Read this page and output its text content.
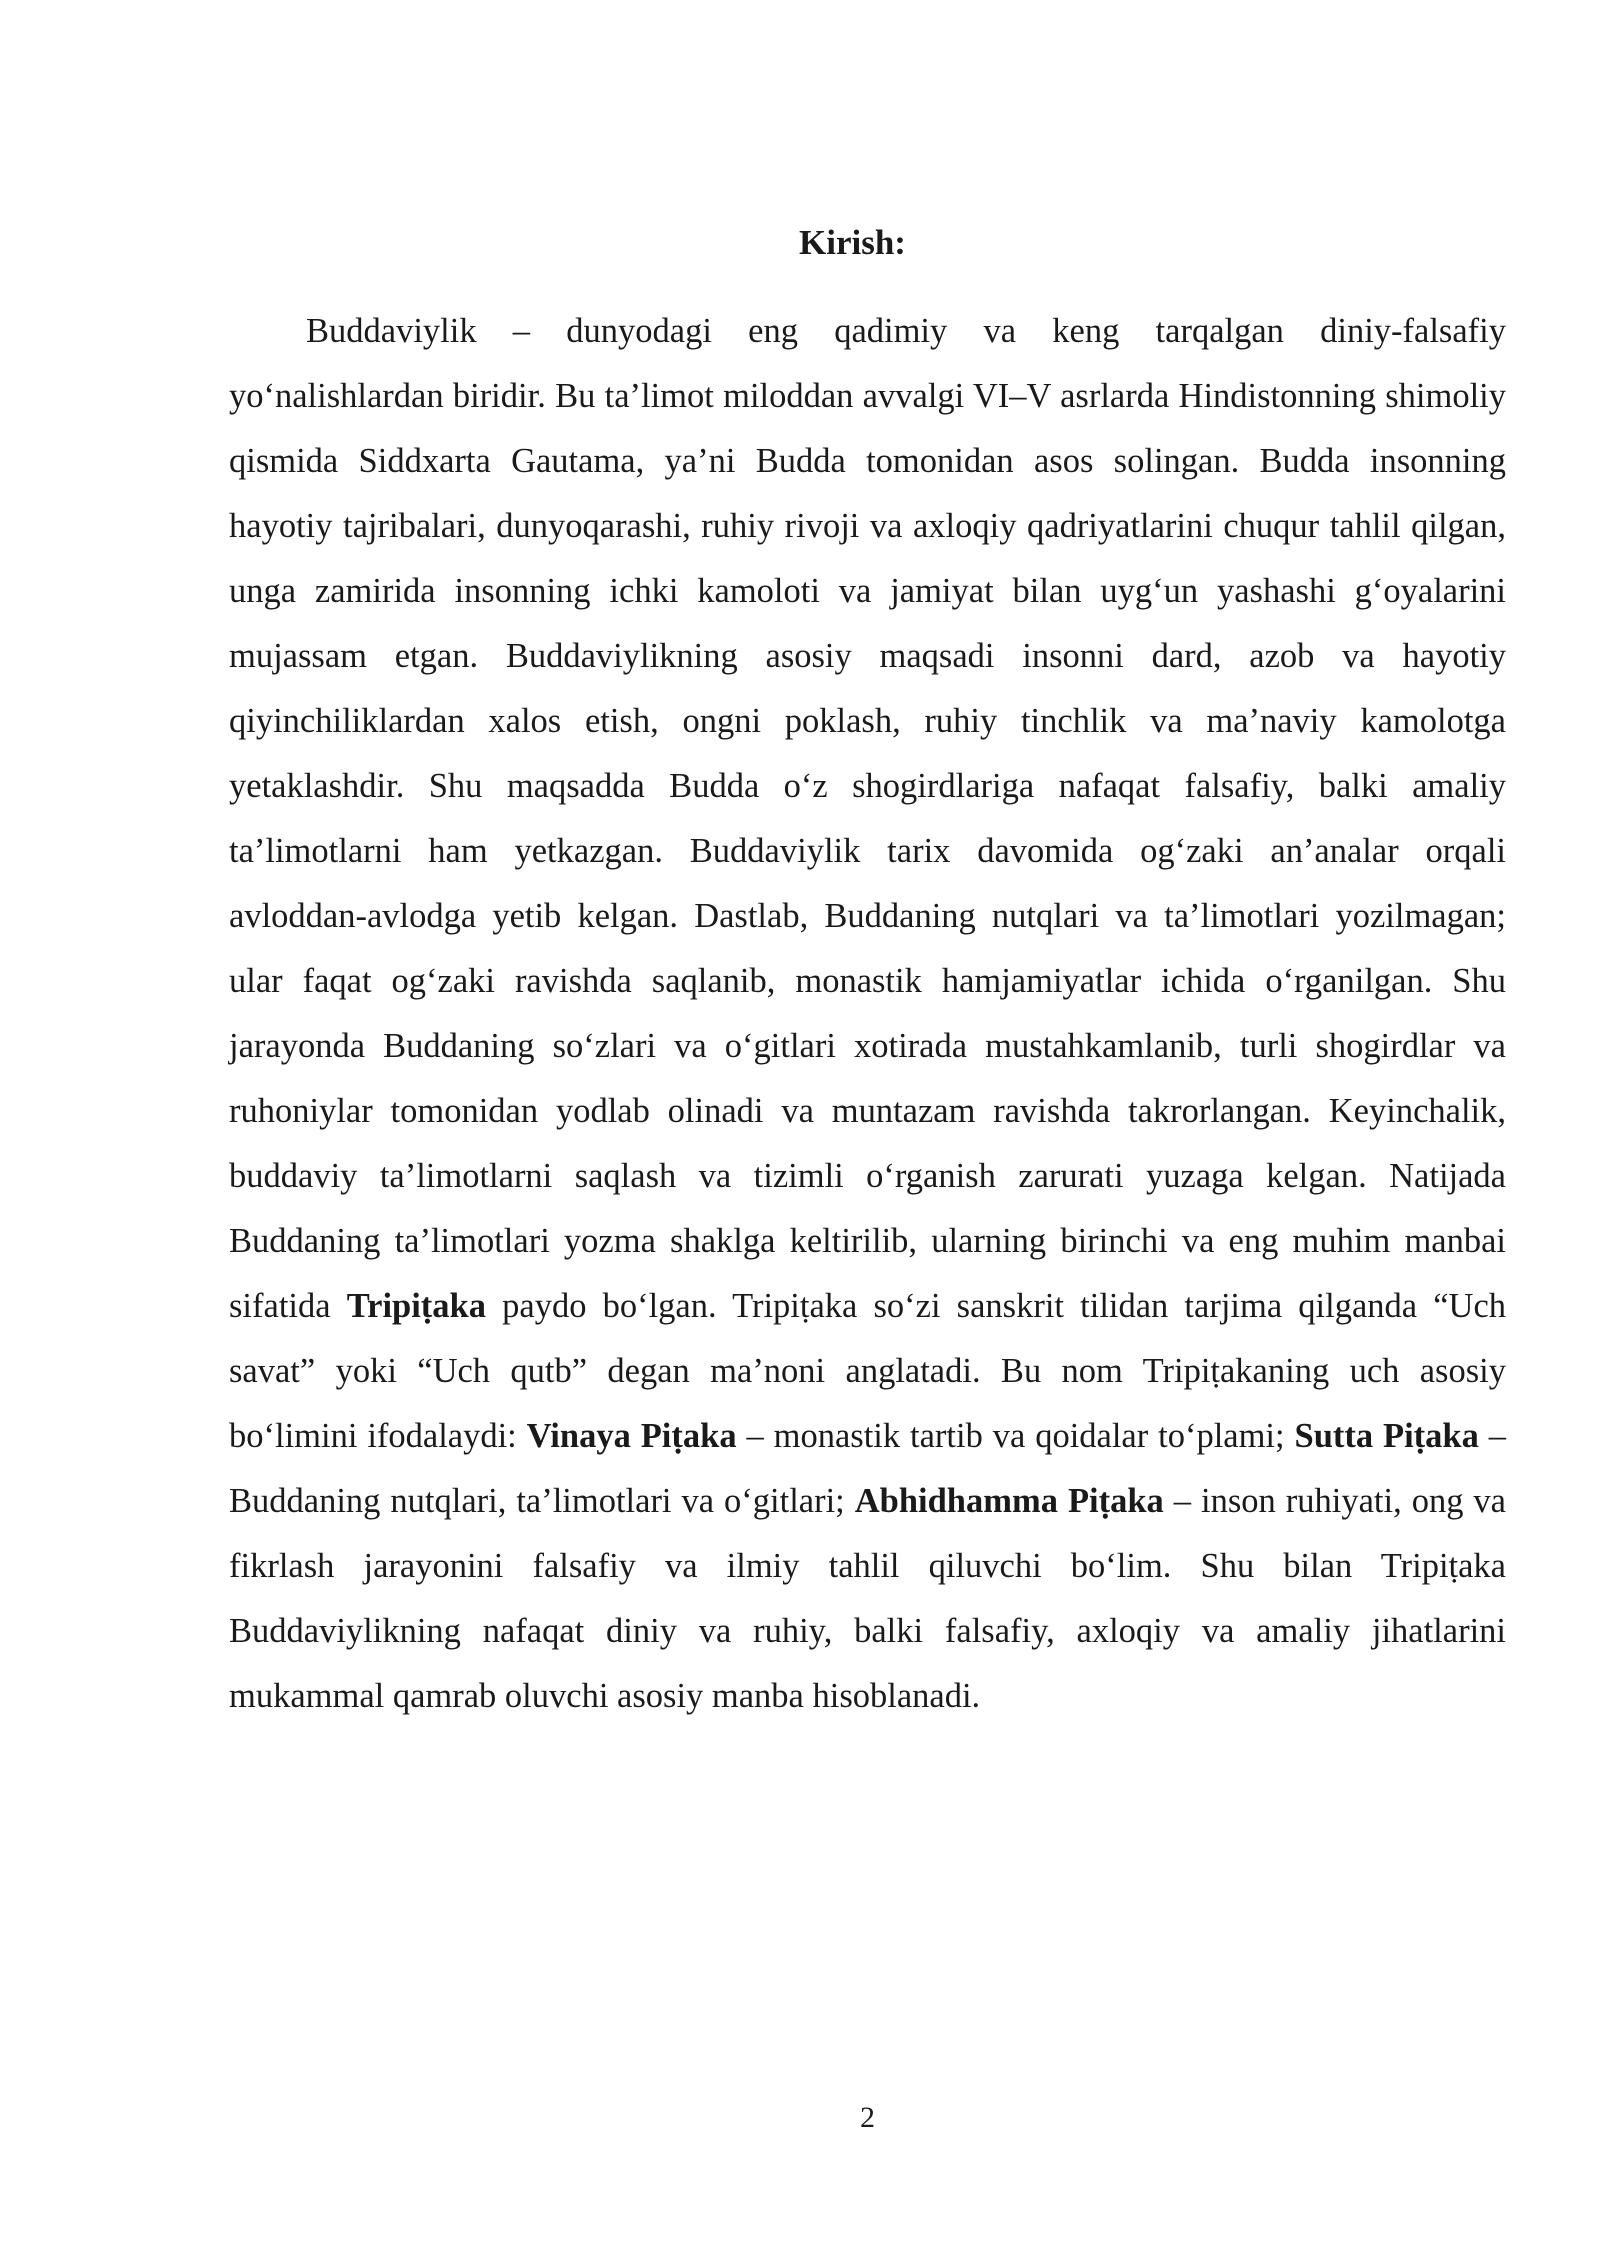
Kirish:

Buddaviylik – dunyodagi eng qadimiy va keng tarqalgan diniy-falsafiy yoʻnalishlardan biridir. Bu ta’limot miloddan avvalgi VI–V asrlarda Hindistonning shimoliy qismida Siddxarta Gautama, ya’ni Budda tomonidan asos solingan. Budda insonning hayotiy tajribalari, dunyoqarashi, ruhiy rivoji va axloqiy qadriyatlarini chuqur tahlil qilgan, unga zamirida insonning ichki kamoloti va jamiyat bilan uygʻun yashashi gʻoyalarini mujassam etgan. Buddaviylikning asosiy maqsadi insonni dard, azob va hayotiy qiyinchiliklardan xalos etish, ongni poklash, ruhiy tinchlik va ma’naviy kamolotga yetaklashdir. Shu maqsadda Budda oʻz shogirdlariga nafaqat falsafiy, balki amaliy ta’limotlarni ham yetkazgan. Buddaviylik tarix davomida ogʻzaki an’analar orqali avloddan-avlodga yetib kelgan. Dastlab, Buddaning nutqlari va ta’limotlari yozilmagan; ular faqat ogʻzaki ravishda saqlanib, monastik hamjamiyatlar ichida oʻrganilgan. Shu jarayonda Buddaning soʻzlari va oʻgitlari xotirada mustahkamlanib, turli shogirdlar va ruhoniylar tomonidan yodlab olinadi va muntazam ravishda takrorlangan. Keyinchalik, buddaviy ta’limotlarni saqlash va tizimli oʻrganish zarurati yuzaga kelgan. Natijada Buddaning ta’limotlari yozma shaklga keltirilib, ularning birinchi va eng muhim manbai sifatida Tripiṭaka paydo boʻlgan. Tripiṭaka soʻzi sanskrit tilidan tarjima qilganda “Uch savat” yoki “Uch qutb” degan ma’noni anglatadi. Bu nom Tripiṭakaning uch asosiy boʻlimini ifodalaydi: Vinaya Piṭaka – monastik tartib va qoidalar toʻplami; Sutta Piṭaka – Buddaning nutqlari, ta’limotlari va oʻgitlari; Abhidhamma Piṭaka – inson ruhiyati, ong va fikrlash jarayonini falsafiy va ilmiy tahlil qiluvchi boʻlim. Shu bilan Tripiṭaka Buddaviylikning nafaqat diniy va ruhiy, balki falsafiy, axloqiy va amaliy jihatlarini mukammal qamrab oluvchi asosiy manba hisoblanadi.

2
